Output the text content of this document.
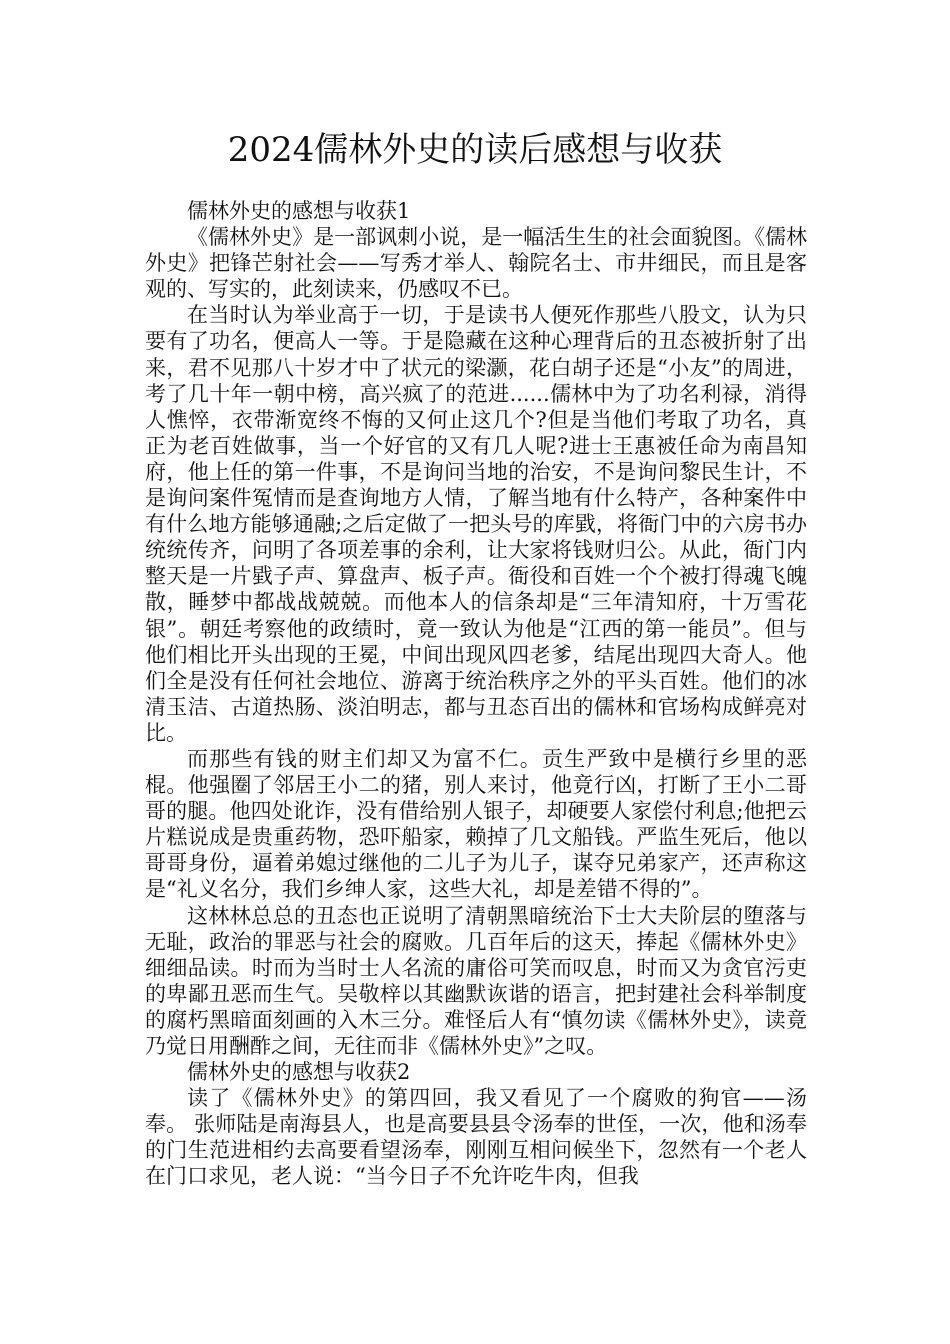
2024儒林外史的读后感想与收获

儒林外史的感想与收获1

《儒林外史》是一部讽刺小说，是一幅活生生的社会面貌图。《儒林外史》把锋芒射社会——写秀才举人、翰院名士、市井细民，而且是客观的、写实的，此刻读来，仍感叹不已。

在当时认为举业高于一切，于是读书人便死作那些八股文，认为只要有了功名，便高人一等。于是隐藏在这种心理背后的丑态被折射了出来，君不见那八十岁才中了状元的梁灏，花白胡子还是“小友”的周进，考了几十年一朝中榜，高兴疯了的范进......儒林中为了功名利禄，消得人憔悴，衣带渐宽终不悔的又何止这几个?但是当他们考取了功名，真正为老百姓做事，当一个好官的又有几人呢?进士王惠被任命为南昌知府，他上任的第一件事，不是询问当地的治安，不是询问黎民生计，不是询问案件冤情而是查询地方人情，了解当地有什么特产，各种案件中有什么地方能够通融;之后定做了一把头号的库戥，将衙门中的六房书办统统传齐，问明了各项差事的余利，让大家将钱财归公。从此，衙门内整天是一片戥子声、算盘声、板子声。衙役和百姓一个个被打得魂飞魄散，睡梦中都战战兢兢。而他本人的信条却是“三年清知府，十万雪花银”。朝廷考察他的政绩时，竟一致认为他是“江西的第一能员”。但与他们相比开头出现的王冕，中间出现风四老爹，结尾出现四大奇人。他们全是没有任何社会地位、游离于统治秩序之外的平头百姓。他们的冰清玉洁、古道热肠、淡泊明志，都与丑态百出的儒林和官场构成鲜亮对比。

而那些有钱的财主们却又为富不仁。贡生严致中是横行乡里的恶棍。他强圈了邻居王小二的猪，别人来讨，他竟行凶，打断了王小二哥哥的腿。他四处讹诈，没有借给别人银子，却硬要人家偿付利息;他把云片糕说成是贵重药物，恐吓船家，赖掉了几文船钱。严监生死后，他以哥哥身份，逼着弟媳过继他的二儿子为儿子，谋夺兄弟家产，还声称这是“礼义名分，我们乡绅人家，这些大礼，却是差错不得的”。

这林林总总的丑态也正说明了清朝黑暗统治下士大夫阶层的堕落与无耻，政治的罪恶与社会的腐败。几百年后的这天，捧起《儒林外史》细细品读。时而为当时士人名流的庸俗可笑而叹息，时而又为贪官污吏的卑鄙丑恶而生气。吴敬梓以其幽默诙谐的语言，把封建社会科举制度的腐朽黑暗面刻画的入木三分。难怪后人有“慎勿读《儒林外史》，读竟乃觉日用酬酢之间，无往而非《儒林外史》”之叹。

儒林外史的感想与收获2

读了《儒林外史》的第四回，我又看见了一个腐败的狗官——汤奉。 张师陆是南海县人，也是高要县县令汤奉的世侄，一次，他和汤奉的门生范进相约去高要看望汤奉，刚刚互相问候坐下，忽然有一个老人在门口求见，老人说：“当今日子不允许吃牛肉，但我
